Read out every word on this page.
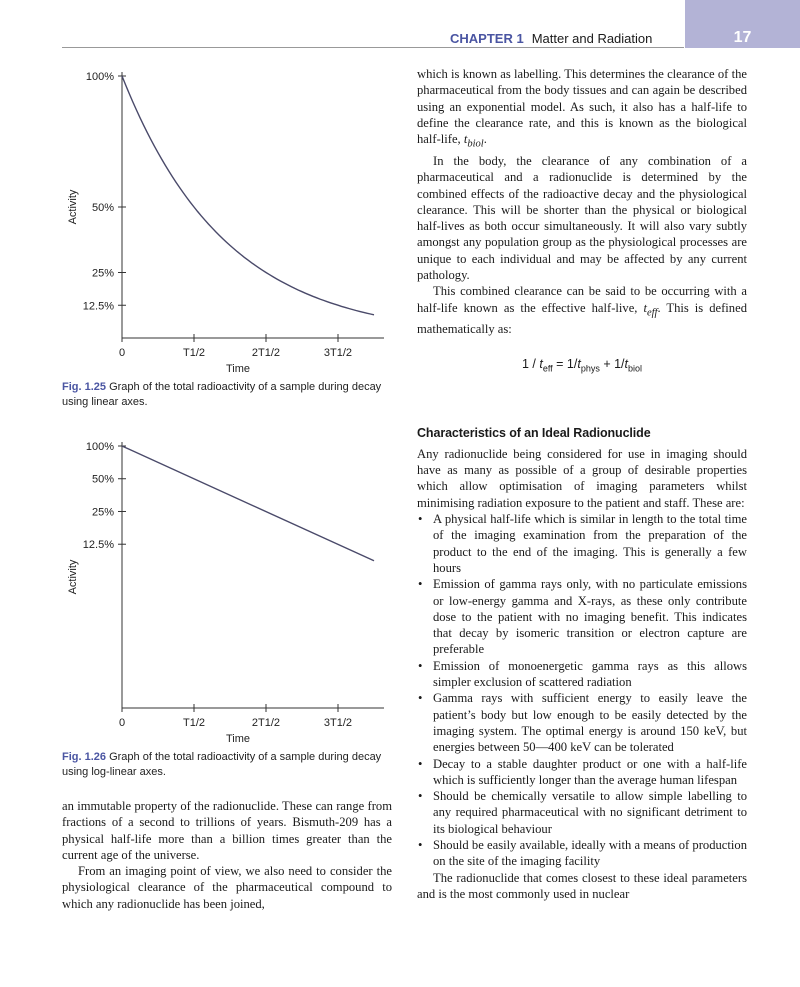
CHAPTER 1 Matter and Radiation	17
100%
50%
25%
12.5%
0	T1/2	2T1/2	3T1/2
Time
Activity
Fig. 1.25 Graph of the total radioactivity of a sample during decay using linear axes.
100%
50%
25%
12.5%
0	T1/2	2T1/2	3T1/2
Time
Activity
Fig. 1.26 Graph of the total radioactivity of a sample during decay using log-linear axes.

an immutable property of the radionuclide. These can range from fractions of a second to trillions of years. Bismuth-209 has a physical half-life more than a billion times greater than the current age of the universe.

From an imaging point of view, we also need to consider the physiological clearance of the pharmaceutical compound to which any radionuclide has been joined,

which is known as labelling. This determines the clearance of the pharmaceutical from the body tissues and can again be described using an exponential model. As such, it also has a half-life to define the clearance rate, and this is known as the biological half-life, $t_{biol}$.

In the body, the clearance of any combination of a pharmaceutical and a radionuclide is determined by the combined effects of the radioactive decay and the physiological clearance. This will be shorter than the physical or biological half-lives as both occur simultaneously. It will also vary subtly amongst any population group as the physiological processes are unique to each individual and may be affected by any current pathology.

This combined clearance can be said to be occurring with a half-life known as the effective half-live, $t_{eff}$. This is defined mathematically as:

$1 / t_{eff} = 1/t_{phys} + 1/t_{biol}$
Characteristics of an Ideal Radionuclide

Any radionuclide being considered for use in imaging should have as many as possible of a group of desirable properties which allow optimisation of imaging parameters whilst minimising radiation exposure to the patient and staff. These are:

• A physical half-life which is similar in length to the total time of the imaging examination from the preparation of the product to the end of the imaging. This is generally a few hours
• Emission of gamma rays only, with no particulate emissions or low-energy gamma and X-rays, as these only contribute dose to the patient with no imaging benefit. This indicates that decay by isomeric transition or electron capture are preferable
• Emission of monoenergetic gamma rays as this allows simpler exclusion of scattered radiation
• Gamma rays with sufficient energy to easily leave the patient’s body but low enough to be easily detected by the imaging system. The optimal energy is around 150 keV, but energies between 50—400 keV can be tolerated
• Decay to a stable daughter product or one with a half-life which is sufficiently longer than the average human lifespan
• Should be chemically versatile to allow simple labelling to any required pharmaceutical with no significant detriment to its biological behaviour
• Should be easily available, ideally with a means of production on the site of the imaging facility

The radionuclide that comes closest to these ideal parameters and is the most commonly used in nuclear
